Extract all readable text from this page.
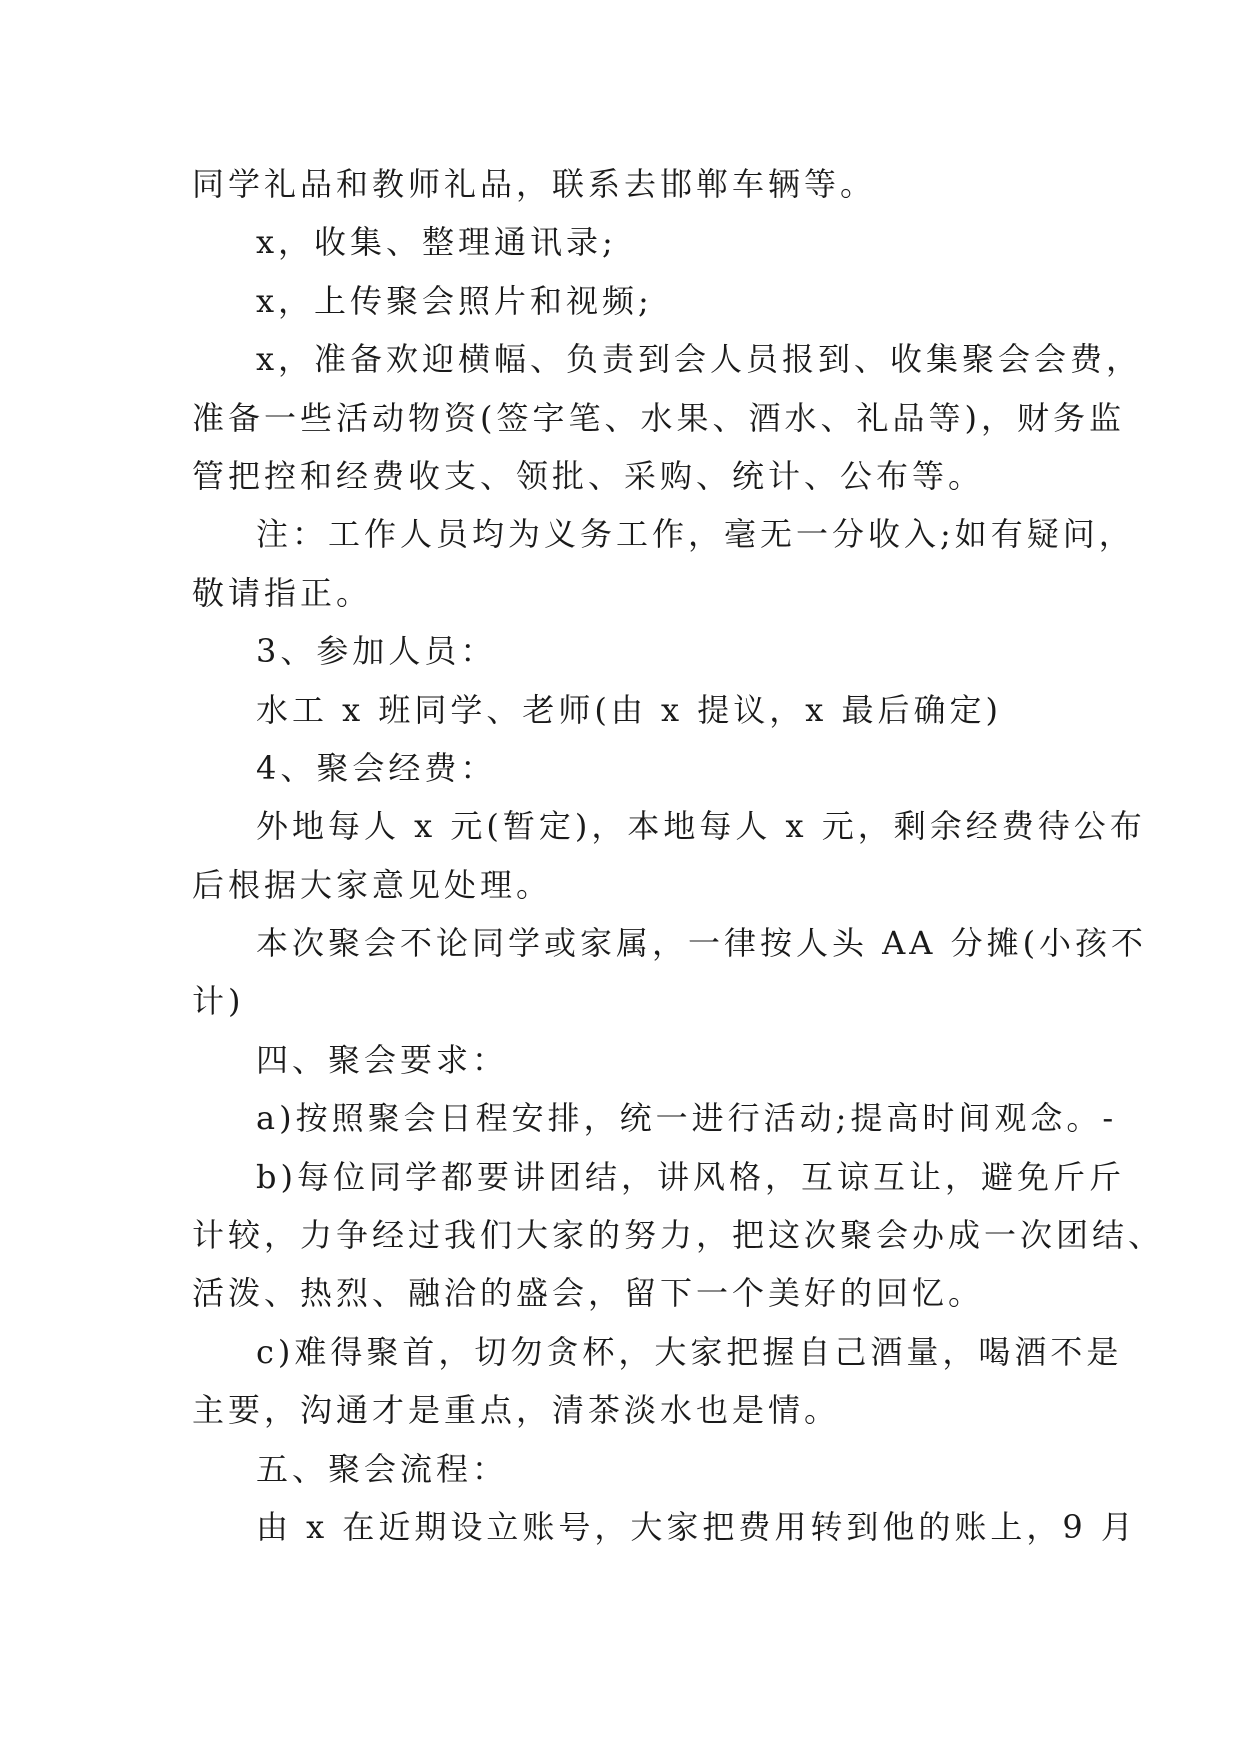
同学礼品和教师礼品，联系去邯郸车辆等。
x，收集、整理通讯录;
x，上传聚会照片和视频;
x，准备欢迎横幅、负责到会人员报到、收集聚会会费，
准备一些活动物资(签字笔、水果、酒水、礼品等)，财务监
管把控和经费收支、领批、采购、统计、公布等。
注：工作人员均为义务工作，毫无一分收入;如有疑问，
敬请指正。
3、参加人员：
水工 x 班同学、老师(由 x 提议，x 最后确定)
4、聚会经费：
外地每人 x 元(暂定)，本地每人 x 元，剩余经费待公布
后根据大家意见处理。
本次聚会不论同学或家属，一律按人头 AA 分摊(小孩不
计)
四、聚会要求：
a)按照聚会日程安排，统一进行活动;提高时间观念。-
b)每位同学都要讲团结，讲风格，互谅互让，避免斤斤
计较，力争经过我们大家的努力，把这次聚会办成一次团结、
活泼、热烈、融洽的盛会，留下一个美好的回忆。
c)难得聚首，切勿贪杯，大家把握自己酒量，喝酒不是
主要，沟通才是重点，清茶淡水也是情。
五、聚会流程：
由 x 在近期设立账号，大家把费用转到他的账上，9 月
